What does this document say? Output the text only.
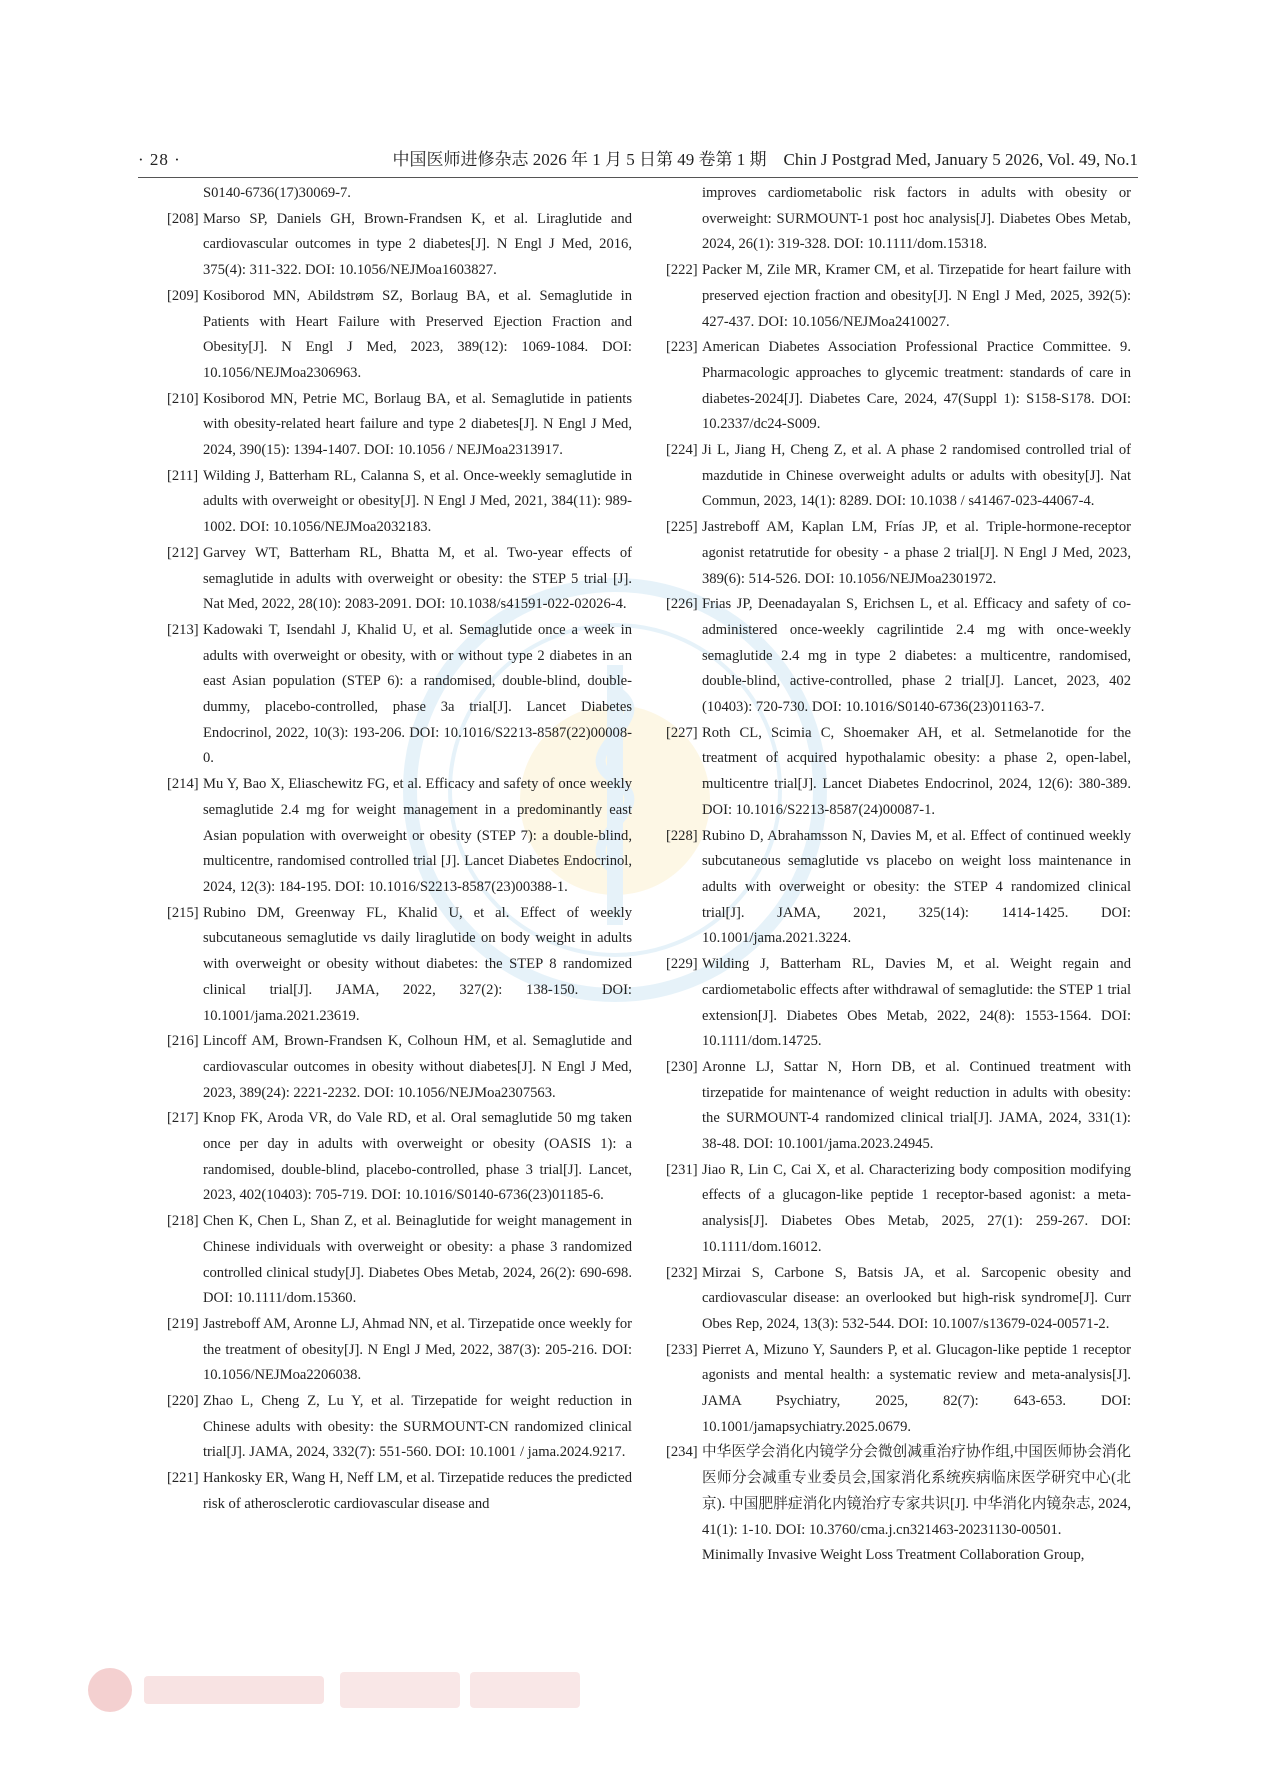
· 28 ·	中国医师进修杂志 2026 年 1 月 5 日第 49 卷第 1 期　Chin J Postgrad Med, January 5 2026, Vol. 49, No.1
S0140-6736(17)30069-7.
[208] Marso SP, Daniels GH, Brown-Frandsen K, et al. Liraglutide and cardiovascular outcomes in type 2 diabetes[J]. N Engl J Med, 2016, 375(4): 311-322. DOI: 10.1056/NEJMoa1603827.
[209] Kosiborod MN, Abildstrøm SZ, Borlaug BA, et al. Semaglutide in Patients with Heart Failure with Preserved Ejection Fraction and Obesity[J]. N Engl J Med, 2023, 389(12): 1069-1084. DOI: 10.1056/NEJMoa2306963.
[210] Kosiborod MN, Petrie MC, Borlaug BA, et al. Semaglutide in patients with obesity-related heart failure and type 2 diabetes[J]. N Engl J Med, 2024, 390(15): 1394-1407. DOI: 10.1056 / NEJMoa2313917.
[211] Wilding J, Batterham RL, Calanna S, et al. Once-weekly semaglutide in adults with overweight or obesity[J]. N Engl J Med, 2021, 384(11): 989-1002. DOI: 10.1056/NEJMoa2032183.
[212] Garvey WT, Batterham RL, Bhatta M, et al. Two-year effects of semaglutide in adults with overweight or obesity: the STEP 5 trial [J]. Nat Med, 2022, 28(10): 2083-2091. DOI: 10.1038/s41591-022-02026-4.
[213] Kadowaki T, Isendahl J, Khalid U, et al. Semaglutide once a week in adults with overweight or obesity, with or without type 2 diabetes in an east Asian population (STEP 6): a randomised, double-blind, double-dummy, placebo-controlled, phase 3a trial[J]. Lancet Diabetes Endocrinol, 2022, 10(3): 193-206. DOI: 10.1016/S2213-8587(22)00008-0.
[214] Mu Y, Bao X, Eliaschewitz FG, et al. Efficacy and safety of once weekly semaglutide 2.4 mg for weight management in a predominantly east Asian population with overweight or obesity (STEP 7): a double-blind, multicentre, randomised controlled trial [J]. Lancet Diabetes Endocrinol, 2024, 12(3): 184-195. DOI: 10.1016/S2213-8587(23)00388-1.
[215] Rubino DM, Greenway FL, Khalid U, et al. Effect of weekly subcutaneous semaglutide vs daily liraglutide on body weight in adults with overweight or obesity without diabetes: the STEP 8 randomized clinical trial[J]. JAMA, 2022, 327(2): 138-150. DOI: 10.1001/jama.2021.23619.
[216] Lincoff AM, Brown-Frandsen K, Colhoun HM, et al. Semaglutide and cardiovascular outcomes in obesity without diabetes[J]. N Engl J Med, 2023, 389(24): 2221-2232. DOI: 10.1056/NEJMoa2307563.
[217] Knop FK, Aroda VR, do Vale RD, et al. Oral semaglutide 50 mg taken once per day in adults with overweight or obesity (OASIS 1): a randomised, double-blind, placebo-controlled, phase 3 trial[J]. Lancet, 2023, 402(10403): 705-719. DOI: 10.1016/S0140-6736(23)01185-6.
[218] Chen K, Chen L, Shan Z, et al. Beinaglutide for weight management in Chinese individuals with overweight or obesity: a phase 3 randomized controlled clinical study[J]. Diabetes Obes Metab, 2024, 26(2): 690-698. DOI: 10.1111/dom.15360.
[219] Jastreboff AM, Aronne LJ, Ahmad NN, et al. Tirzepatide once weekly for the treatment of obesity[J]. N Engl J Med, 2022, 387(3): 205-216. DOI: 10.1056/NEJMoa2206038.
[220] Zhao L, Cheng Z, Lu Y, et al. Tirzepatide for weight reduction in Chinese adults with obesity: the SURMOUNT-CN randomized clinical trial[J]. JAMA, 2024, 332(7): 551-560. DOI: 10.1001 / jama.2024.9217.
[221] Hankosky ER, Wang H, Neff LM, et al. Tirzepatide reduces the predicted risk of atherosclerotic cardiovascular disease and
improves cardiometabolic risk factors in adults with obesity or overweight: SURMOUNT-1 post hoc analysis[J]. Diabetes Obes Metab, 2024, 26(1): 319-328. DOI: 10.1111/dom.15318.
[222] Packer M, Zile MR, Kramer CM, et al. Tirzepatide for heart failure with preserved ejection fraction and obesity[J]. N Engl J Med, 2025, 392(5): 427-437. DOI: 10.1056/NEJMoa2410027.
[223] American Diabetes Association Professional Practice Committee. 9. Pharmacologic approaches to glycemic treatment: standards of care in diabetes-2024[J]. Diabetes Care, 2024, 47(Suppl 1): S158-S178. DOI: 10.2337/dc24-S009.
[224] Ji L, Jiang H, Cheng Z, et al. A phase 2 randomised controlled trial of mazdutide in Chinese overweight adults or adults with obesity[J]. Nat Commun, 2023, 14(1): 8289. DOI: 10.1038 / s41467-023-44067-4.
[225] Jastreboff AM, Kaplan LM, Frías JP, et al. Triple-hormone-receptor agonist retatrutide for obesity - a phase 2 trial[J]. N Engl J Med, 2023, 389(6): 514-526. DOI: 10.1056/NEJMoa2301972.
[226] Frias JP, Deenadayalan S, Erichsen L, et al. Efficacy and safety of co-administered once-weekly cagrilintide 2.4 mg with once-weekly semaglutide 2.4 mg in type 2 diabetes: a multicentre, randomised, double-blind, active-controlled, phase 2 trial[J]. Lancet, 2023, 402 (10403): 720-730. DOI: 10.1016/S0140-6736(23)01163-7.
[227] Roth CL, Scimia C, Shoemaker AH, et al. Setmelanotide for the treatment of acquired hypothalamic obesity: a phase 2, open-label, multicentre trial[J]. Lancet Diabetes Endocrinol, 2024, 12(6): 380-389. DOI: 10.1016/S2213-8587(24)00087-1.
[228] Rubino D, Abrahamsson N, Davies M, et al. Effect of continued weekly subcutaneous semaglutide vs placebo on weight loss maintenance in adults with overweight or obesity: the STEP 4 randomized clinical trial[J]. JAMA, 2021, 325(14): 1414-1425. DOI: 10.1001/jama.2021.3224.
[229] Wilding J, Batterham RL, Davies M, et al. Weight regain and cardiometabolic effects after withdrawal of semaglutide: the STEP 1 trial extension[J]. Diabetes Obes Metab, 2022, 24(8): 1553-1564. DOI: 10.1111/dom.14725.
[230] Aronne LJ, Sattar N, Horn DB, et al. Continued treatment with tirzepatide for maintenance of weight reduction in adults with obesity: the SURMOUNT-4 randomized clinical trial[J]. JAMA, 2024, 331(1): 38-48. DOI: 10.1001/jama.2023.24945.
[231] Jiao R, Lin C, Cai X, et al. Characterizing body composition modifying effects of a glucagon-like peptide 1 receptor-based agonist: a meta-analysis[J]. Diabetes Obes Metab, 2025, 27(1): 259-267. DOI: 10.1111/dom.16012.
[232] Mirzai S, Carbone S, Batsis JA, et al. Sarcopenic obesity and cardiovascular disease: an overlooked but high-risk syndrome[J]. Curr Obes Rep, 2024, 13(3): 532-544. DOI: 10.1007/s13679-024-00571-2.
[233] Pierret A, Mizuno Y, Saunders P, et al. Glucagon-like peptide 1 receptor agonists and mental health: a systematic review and meta-analysis[J]. JAMA Psychiatry, 2025, 82(7): 643-653. DOI: 10.1001/jamapsychiatry.2025.0679.
[234] 中华医学会消化内镜学分会微创减重治疗协作组,中国医师协会消化医师分会减重专业委员会,国家消化系统疾病临床医学研究中心(北京). 中国肥胖症消化内镜治疗专家共识[J]. 中华消化内镜杂志, 2024, 41(1): 1-10. DOI: 10.3760/cma.j.cn321463-20231130-00501.
Minimally Invasive Weight Loss Treatment Collaboration Group,
